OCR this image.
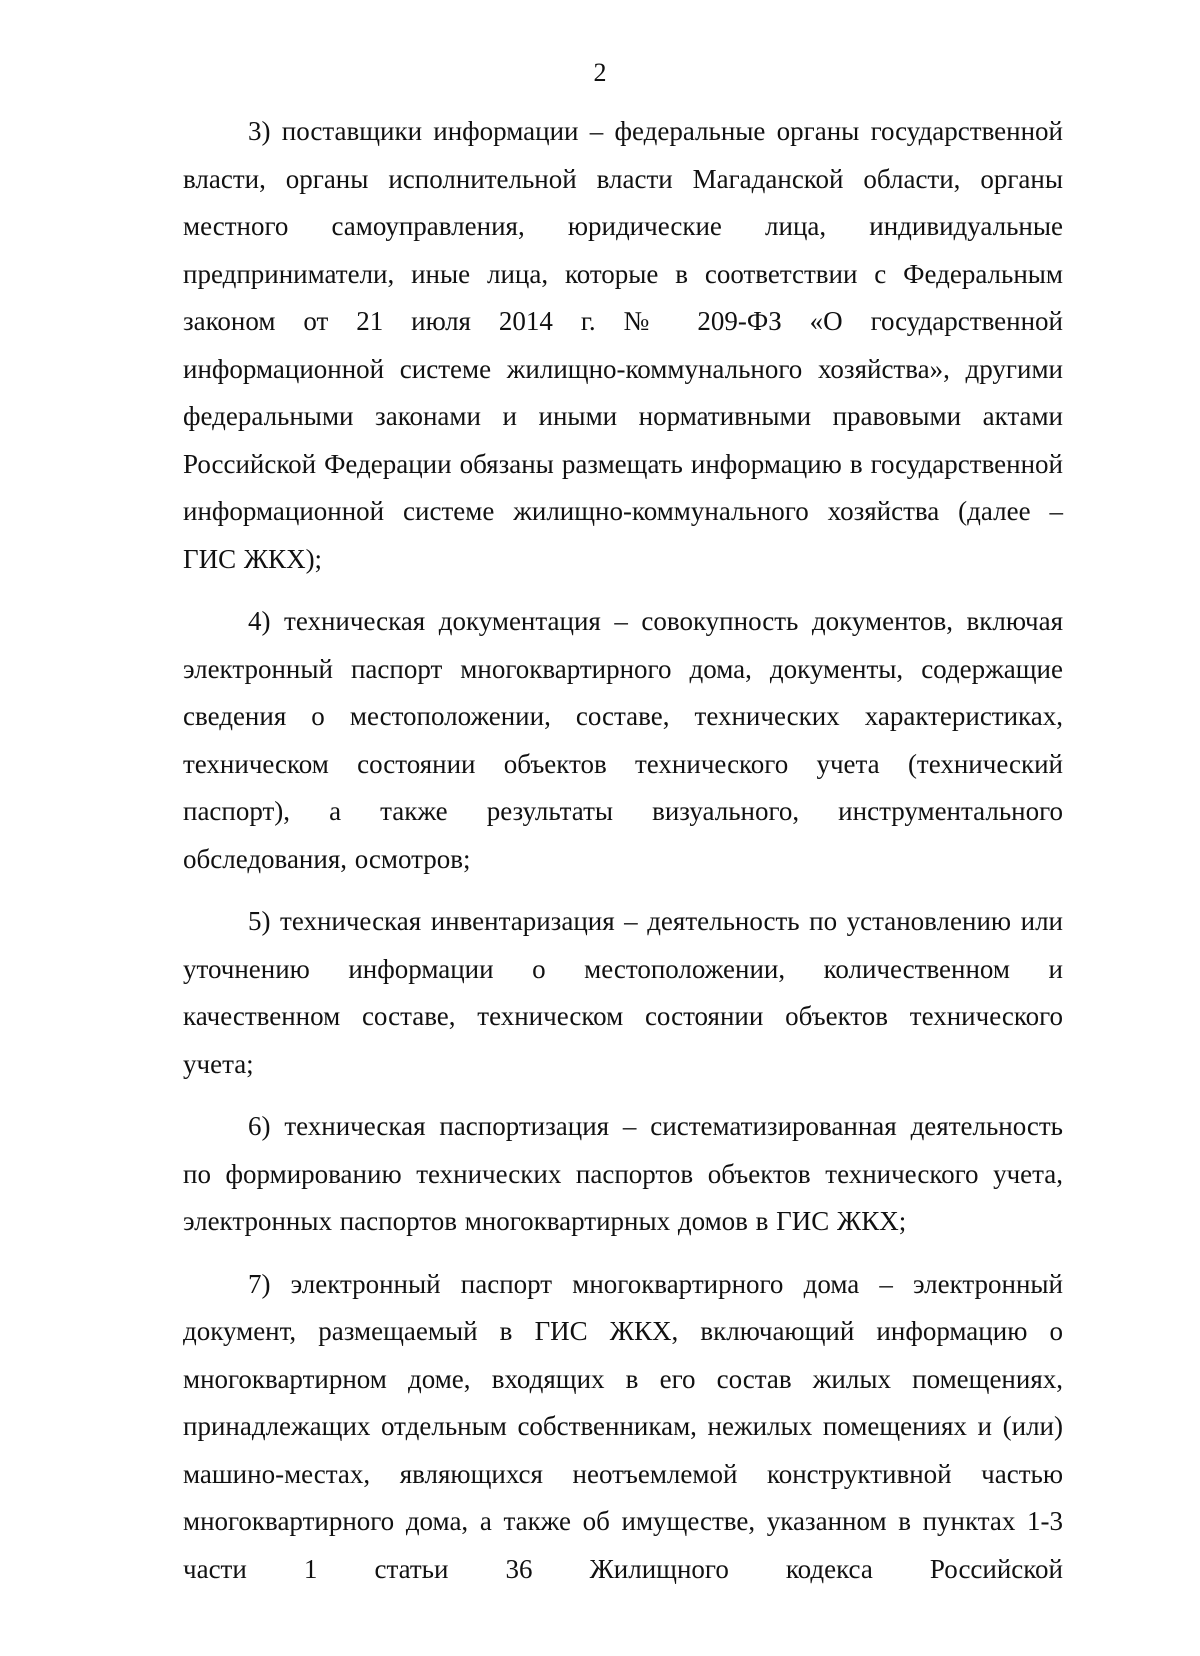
2

3) поставщики информации – федеральные органы государственной власти, органы исполнительной власти Магаданской области, органы местного самоуправления, юридические лица, индивидуальные предприниматели, иные лица, которые в соответствии с Федеральным законом от 21 июля 2014 г. № 209-ФЗ «О государственной информационной системе жилищно-коммунального хозяйства», другими федеральными законами и иными нормативными правовыми актами Российской Федерации обязаны размещать информацию в государственной информационной системе жилищно-коммунального хозяйства (далее – ГИС ЖКХ);

4) техническая документация – совокупность документов, включая электронный паспорт многоквартирного дома, документы, содержащие сведения о местоположении, составе, технических характеристиках, техническом состоянии объектов технического учета (технический паспорт), а также результаты визуального, инструментального обследования, осмотров;

5) техническая инвентаризация – деятельность по установлению или уточнению информации о местоположении, количественном и качественном составе, техническом состоянии объектов технического учета;

6) техническая паспортизация – систематизированная деятельность по формированию технических паспортов объектов технического учета, электронных паспортов многоквартирных домов в ГИС ЖКХ;

7) электронный паспорт многоквартирного дома – электронный документ, размещаемый в ГИС ЖКХ, включающий информацию о многоквартирном доме, входящих в его состав жилых помещениях, принадлежащих отдельным собственникам, нежилых помещениях и (или) машино-местах, являющихся неотъемлемой конструктивной частью многоквартирного дома, а также об имуществе, указанном в пунктах 1-3 части 1 статьи 36 Жилищного кодекса Российской
